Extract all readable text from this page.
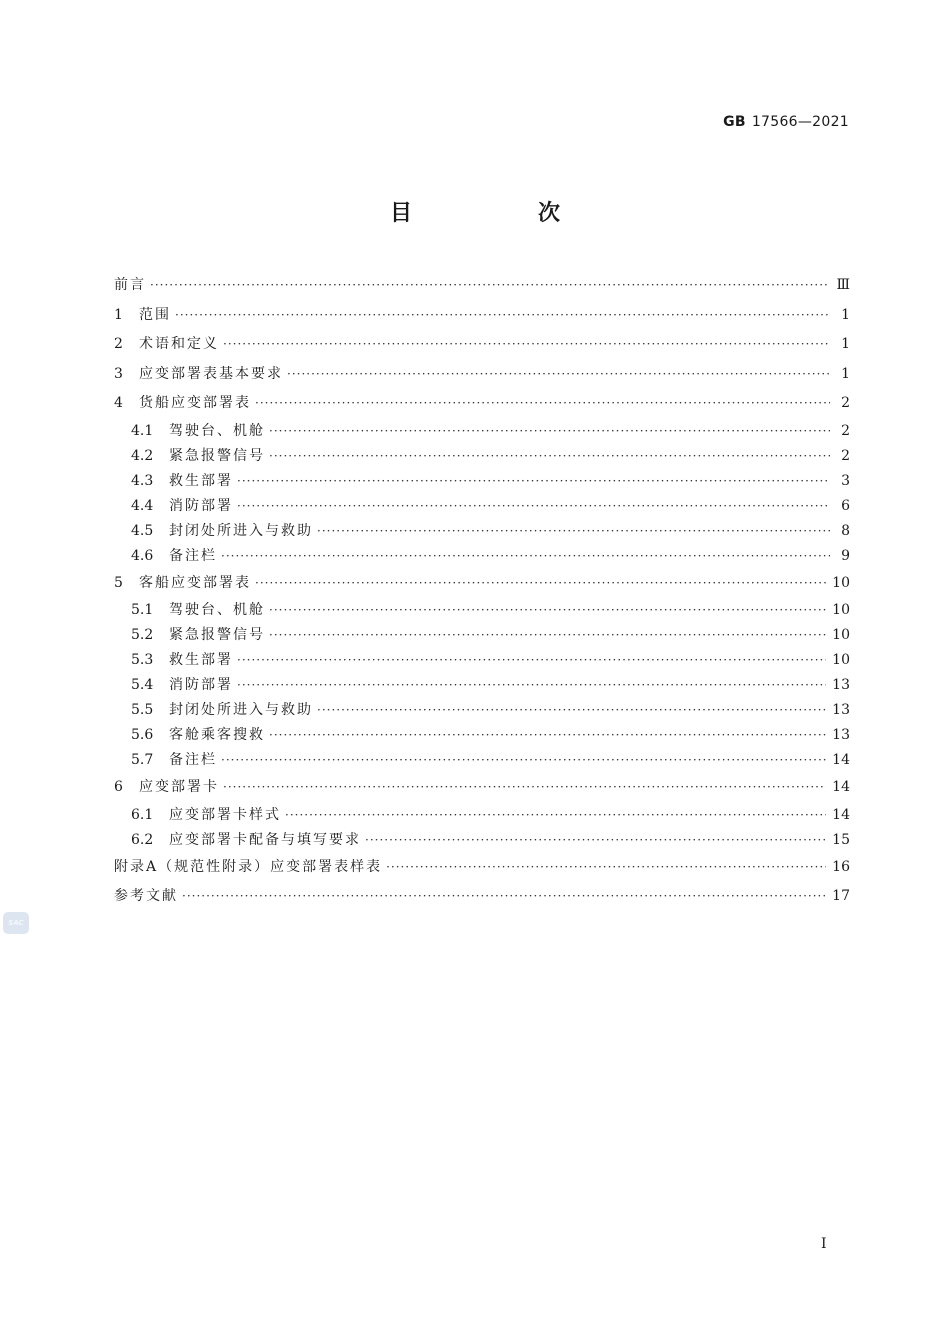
GB 17566—2021
目　次
前言 ·····	Ⅲ
1	范围 ·····	1
2	术语和定义 ·····	1
3	应变部署表基本要求 ·····	1
4	货船应变部署表 ·····	2
4.1	驾驶台、机舱 ·····	2
4.2	紧急报警信号 ·····	2
4.3	救生部署 ·····	3
4.4	消防部署 ·····	6
4.5	封闭处所进入与救助 ·····	8
4.6	备注栏 ·····	9
5	客船应变部署表 ·····	10
5.1	驾驶台、机舱 ·····	10
5.2	紧急报警信号 ·····	10
5.3	救生部署 ·····	10
5.4	消防部署 ·····	13
5.5	封闭处所进入与救助 ·····	13
5.6	客舱乘客搜救 ·····	13
5.7	备注栏 ·····	14
6	应变部署卡 ·····	14
6.1	应变部署卡样式 ·····	14
6.2	应变部署卡配备与填写要求 ·····	15
附录A（规范性附录）应变部署表样表 ·····	16
参考文献 ·····	17
SAC
Ⅰ
